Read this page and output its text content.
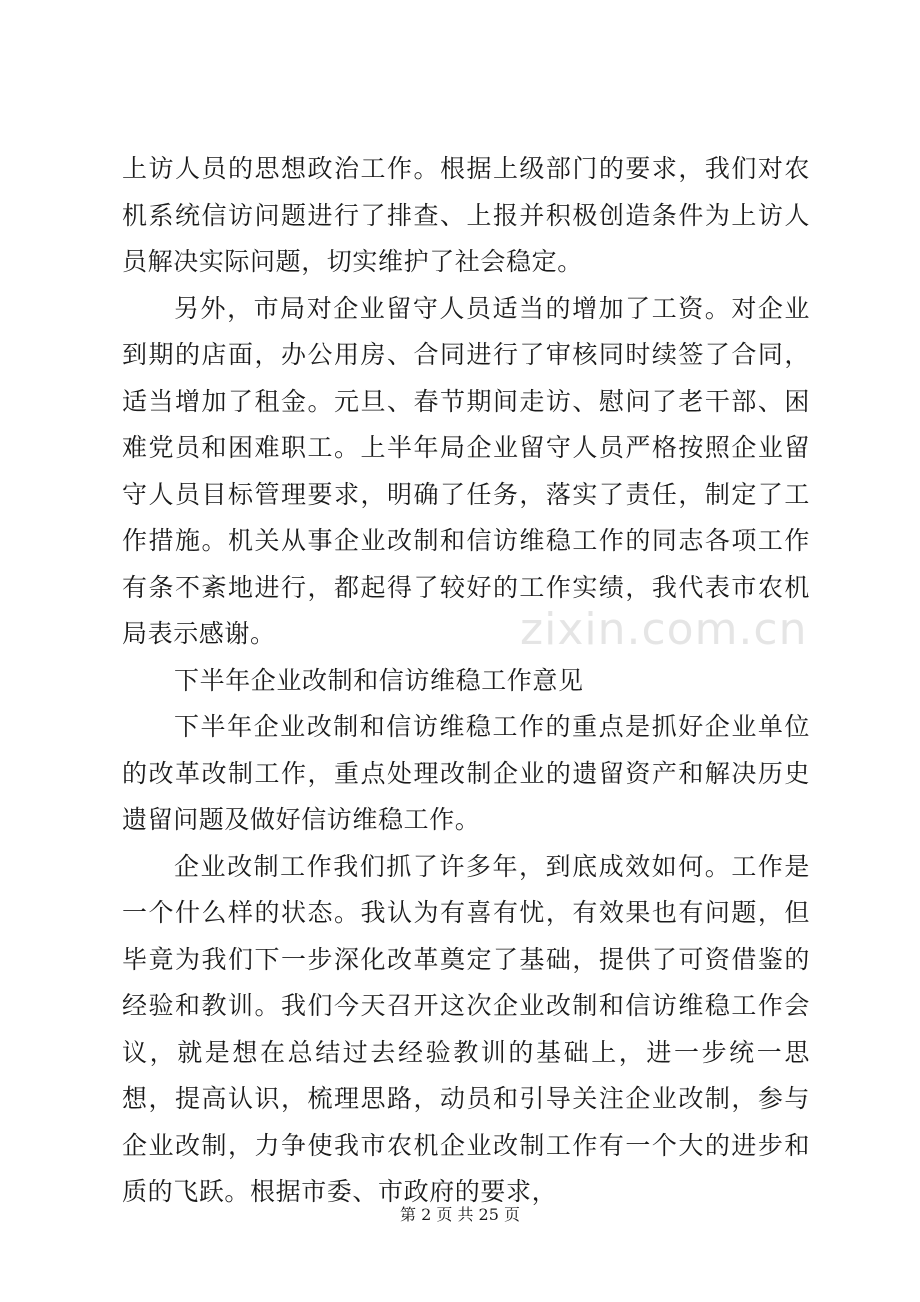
上访人员的思想政治工作。根据上级部门的要求，我们对农机系统信访问题进行了排查、上报并积极创造条件为上访人员解决实际问题，切实维护了社会稳定。

另外，市局对企业留守人员适当的增加了工资。对企业到期的店面，办公用房、合同进行了审核同时续签了合同，适当增加了租金。元旦、春节期间走访、慰问了老干部、困难党员和困难职工。上半年局企业留守人员严格按照企业留守人员目标管理要求，明确了任务，落实了责任，制定了工作措施。机关从事企业改制和信访维稳工作的同志各项工作有条不紊地进行，都起得了较好的工作实绩，我代表市农机局表示感谢。

下半年企业改制和信访维稳工作意见

下半年企业改制和信访维稳工作的重点是抓好企业单位的改革改制工作，重点处理改制企业的遗留资产和解决历史遗留问题及做好信访维稳工作。

企业改制工作我们抓了许多年，到底成效如何。工作是一个什么样的状态。我认为有喜有忧，有效果也有问题，但毕竟为我们下一步深化改革奠定了基础，提供了可资借鉴的经验和教训。我们今天召开这次企业改制和信访维稳工作会议，就是想在总结过去经验教训的基础上，进一步统一思想，提高认识，梳理思路，动员和引导关注企业改制，参与企业改制，力争使我市农机企业改制工作有一个大的进步和质的飞跃。根据市委、市政府的要求，

zixin.com.cn
第 2 页 共 25 页
